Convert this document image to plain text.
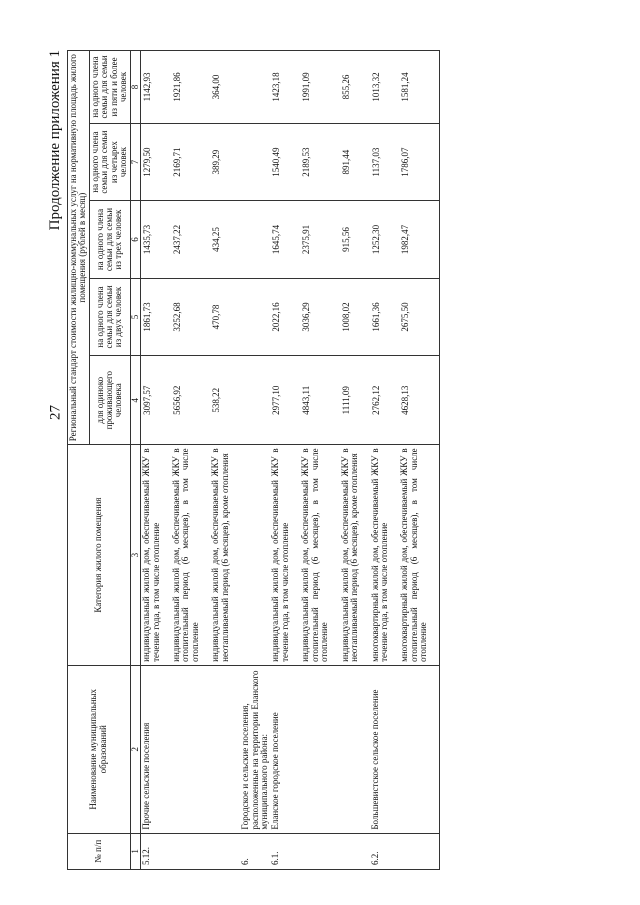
27
Продолжение приложения 1
№ п/п	Наименование муниципальных образований	Категория жилого помещения	Региональный стандарт стоимости жилищно-коммунальных услуг на нормативную площадь жилого помещения (рублей в месяц)				
			для одиноко проживающего человека	на одного члена семьи для семьи из двух человек	на одного члена семьи для семьи из трех человек	на одного члена семьи для семьи из четырех человек	на одного члена семьи для семьи из пяти и более человек
1	2	3	4	5	6	7	8
5.12.	Прочие сельские поселения	индивидуальный жилой дом, обеспечиваемый ЖКУ в течение года, в том числе отопление	3097,57	1861,73	1435,73	1279,50	1142,93
		индивидуальный жилой дом, обеспечиваемый ЖКУ в отопительный период (6 месяцев), в том числе отопление	5656,92	3252,68	2437,22	2169,71	1921,86
		индивидуальный жилой дом, обеспечиваемый ЖКУ в неотапливаемый период (6 месяцев), кроме отопления	538,22	470,78	434,25	389,29	364,00
6.	Городское и сельские поселения, расположенные на территории Еланского муниципального района:						
6.1.	Еланское городское поселение	индивидуальный жилой дом, обеспечиваемый ЖКУ в течение года, в том числе отопление	2977,10	2022,16	1645,74	1540,49	1423,18
		индивидуальный жилой дом, обеспечиваемый ЖКУ в отопительный период (6 месяцев), в том числе отопление	4843,11	3036,29	2375,91	2189,53	1991,09
		индивидуальный жилой дом, обеспечиваемый ЖКУ в неотапливаемый период (6 месяцев), кроме отопления	1111,09	1008,02	915,56	891,44	855,26
6.2.	Большевистское сельское поселение	многоквартирный жилой дом, обеспечиваемый ЖКУ в течение года, в том числе отопление	2762,12	1661,36	1252,30	1137,03	1013,32
		многоквартирный жилой дом, обеспечиваемый ЖКУ в отопительный период (6 месяцев), в том числе отопление	4628,13	2675,50	1982,47	1786,07	1581,24
